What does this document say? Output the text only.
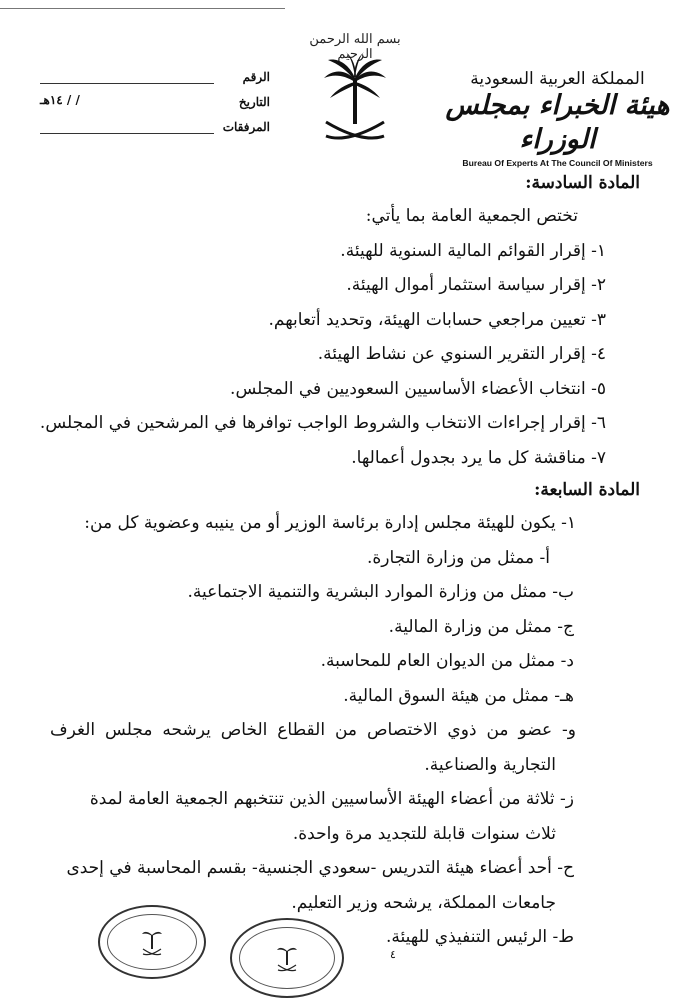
بسم الله الرحمن الرحيم
الرقم
التاريخ
/ / ١٤هـ
المرفقات
المملكة العربية السعودية
هيئة الخبراء بمجلس الوزراء
Bureau Of Experts At The Council Of Ministers
المادة السادسة:
تختص الجمعية العامة بما يأتي:
١- إقرار القوائم المالية السنوية للهيئة.
٢- إقرار سياسة استثمار أموال الهيئة.
٣- تعيين مراجعي حسابات الهيئة، وتحديد أتعابهم.
٤- إقرار التقرير السنوي عن نشاط الهيئة.
٥- انتخاب الأعضاء الأساسيين السعوديين في المجلس.
٦- إقرار إجراءات الانتخاب والشروط الواجب توافرها في المرشحين في المجلس.
٧- مناقشة كل ما يرد بجدول أعمالها.
المادة السابعة:
١- يكون للهيئة مجلس إدارة برئاسة الوزير أو من ينيبه وعضوية كل من:
أ- ممثل من وزارة التجارة.
ب- ممثل من وزارة الموارد البشرية والتنمية الاجتماعية.
ج- ممثل من وزارة المالية.
د- ممثل من الديوان العام للمحاسبة.
هـ- ممثل من هيئة السوق المالية.
و- عضو من ذوي الاختصاص من القطاع الخاص يرشحه مجلس الغرف
التجارية والصناعية.
ز- ثلاثة من أعضاء الهيئة الأساسيين الذين تنتخبهم الجمعية العامة لمدة
ثلاث سنوات قابلة للتجديد مرة واحدة.
ح- أحد أعضاء هيئة التدريس -سعودي الجنسية- بقسم المحاسبة في إحدى
جامعات المملكة، يرشحه وزير التعليم.
ط- الرئيس التنفيذي للهيئة.
٤
